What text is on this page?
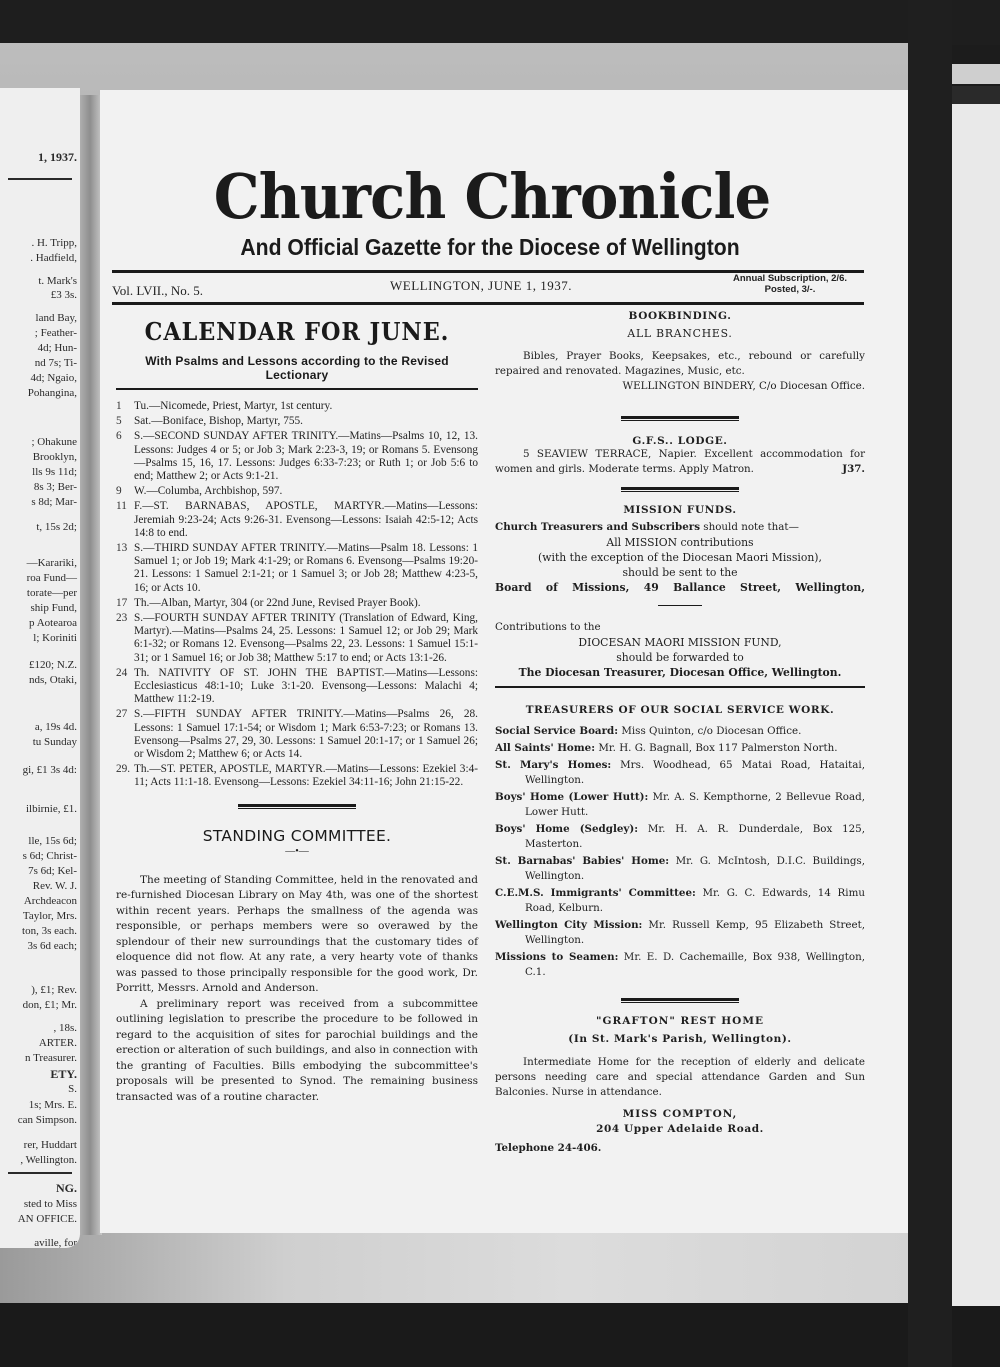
1, 1937.
. H. Tripp,
. Hadfield,
t. Mark's
£3 3s.
land Bay,
; Feather-
4d; Hun-
nd 7s; Ti-
4d; Ngaio,
Pohangina,
; Ohakune
Brooklyn,
lls 9s 11d;
8s 3; Ber-
s 8d; Mar-
t, 15s 2d;
—Karariki,
roa Fund—
torate—per
ship Fund,
p Aotearoa
l; Koriniti
£120; N.Z.
nds, Otaki,
a, 19s 4d.
tu Sunday
gi, £1 3s 4d:
ilbirnie, £1.
lle, 15s 6d;
s 6d; Christ-
7s 6d; Kel-
Rev. W. J.
Archdeacon
Taylor, Mrs.
ton, 3s each.
3s 6d each;
), £1; Rev.
don, £1; Mr.
, 18s.
ARTER.
n Treasurer.
ETY.
S.
1s; Mrs. E.
can Simpson.
rer, Huddart
, Wellington.
NG.
sted to Miss
AN OFFICE.
aville, for
Church Chronicle
And Official Gazette for the Diocese of Wellington
Vol. LVII., No. 5.	WELLINGTON, JUNE 1, 1937.	Annual Subscription, 2/6.
Posted, 3/-.
CALENDAR FOR JUNE.
With Psalms and Lessons according to the Revised Lectionary
1	Tu.—Nicomede, Priest, Martyr, 1st century.
5	Sat.—Boniface, Bishop, Martyr, 755.
6	S.—SECOND SUNDAY AFTER TRINITY.—Matins—Psalms 10, 12, 13. Lessons: Judges 4 or 5; or Job 3; Mark 2:23-3, 19; or Romans 5. Evensong—Psalms 15, 16, 17. Lessons: Judges 6:33-7:23; or Ruth 1; or Job 5:6 to end; Matthew 2; or Acts 9:1-21.
9	W.—Columba, Archbishop, 597.
11 F.—ST. BARNABAS, APOSTLE, MARTYR.—Matins—Lessons: Jeremiah 9:23-24; Acts 9:26-31. Evensong—Lessons: Isaiah 42:5-12; Acts 14:8 to end.
13 S.—THIRD SUNDAY AFTER TRINITY.—Matins—Psalm 18. Lessons: 1 Samuel 1; or Job 19; Mark 4:1-29; or Romans 6. Evensong—Psalms 19:20-21. Lessons: 1 Samuel 2:1-21; or 1 Samuel 3; or Job 28; Matthew 4:23-5, 16; or Acts 10.
17 Th.—Alban, Martyr, 304 (or 22nd June, Revised Prayer Book).
23 S.—FOURTH SUNDAY AFTER TRINITY (Translation of Edward, King, Martyr).—Matins—Psalms 24, 25. Lessons: 1 Samuel 12; or Job 29; Mark 6:1-32; or Romans 12. Evensong—Psalms 22, 23. Lessons: 1 Samuel 15:1-31; or 1 Samuel 16; or Job 38; Matthew 5:17 to end; or Acts 13:1-26.
24 Th. NATIVITY OF ST. JOHN THE BAPTIST.—Matins—Lessons: Ecclesiasticus 48:1-10; Luke 3:1-20. Evensong—Lessons: Malachi 4; Matthew 11:2-19.
27 S.—FIFTH SUNDAY AFTER TRINITY.—Matins—Psalms 26, 28. Lessons: 1 Samuel 17:1-54; or Wisdom 1; Mark 6:53-7:23; or Romans 13. Evensong—Psalms 27, 29, 30. Lessons: 1 Samuel 20:1-17; or 1 Samuel 26; or Wisdom 2; Matthew 6; or Acts 14.
29. Th.—ST. PETER, APOSTLE, MARTYR.—Matins—Lessons: Ezekiel 3:4-11; Acts 11:1-18. Evensong—Lessons: Ezekiel 34:11-16; John 21:15-22.
STANDING COMMITTEE.
—•—

The meeting of Standing Committee, held in the renovated and re-furnished Diocesan Library on May 4th, was one of the shortest within recent years. Perhaps the smallness of the agenda was responsible, or perhaps members were so overawed by the splendour of their new surroundings that the customary tides of eloquence did not flow. At any rate, a very hearty vote of thanks was passed to those principally responsible for the good work, Dr. Porritt, Messrs. Arnold and Anderson.

A preliminary report was received from a subcommittee outlining legislation to prescribe the procedure to be followed in regard to the acquisition of sites for parochial buildings and the erection or alteration of such buildings, and also in connection with the granting of Faculties. Bills embodying the subcommittee's proposals will be presented to Synod. The remaining business transacted was of a routine character.

BOOKBINDING.
ALL BRANCHES.
Bibles, Prayer Books, Keepsakes, etc., rebound or carefully repaired and renovated. Magazines, Music, etc.
WELLINGTON BINDERY, C/o Diocesan Office.
G.F.S.. LODGE.
5 SEAVIEW TERRACE, Napier. Excellent accommodation for women and girls. Moderate terms. Apply Matron.	J37.
MISSION FUNDS.
Church Treasurers and Subscribers should note that—
All MISSION contributions
(with the exception of the Diocesan Maori Mission),
should be sent to the
Board of Missions, 49 Ballance Street, Wellington,
Contributions to the
DIOCESAN MAORI MISSION FUND,
should be forwarded to
The Diocesan Treasurer, Diocesan Office, Wellington.
TREASURERS OF OUR SOCIAL SERVICE WORK.
Social Service Board: Miss Quinton, c/o Diocesan Office.
All Saints' Home: Mr. H. G. Bagnall, Box 117 Palmerston North.
St. Mary's Homes: Mrs. Woodhead, 65 Matai Road, Hataitai, Wellington.
Boys' Home (Lower Hutt): Mr. A. S. Kempthorne, 2 Bellevue Road, Lower Hutt.
Boys' Home (Sedgley): Mr. H. A. R. Dunderdale, Box 125, Masterton.
St. Barnabas' Babies' Home: Mr. G. McIntosh, D.I.C. Buildings, Wellington.
C.E.M.S. Immigrants' Committee: Mr. G. C. Edwards, 14 Rimu Road, Kelburn.
Wellington City Mission: Mr. Russell Kemp, 95 Elizabeth Street, Wellington.
Missions to Seamen: Mr. E. D. Cachemaille, Box 938, Wellington, C.1.
"GRAFTON" REST HOME
(In St. Mark's Parish, Wellington).
Intermediate Home for the reception of elderly and delicate persons needing care and special attendance Garden and Sun Balconies. Nurse in attendance.
MISS COMPTON,
204 Upper Adelaide Road.
Telephone 24-406.
